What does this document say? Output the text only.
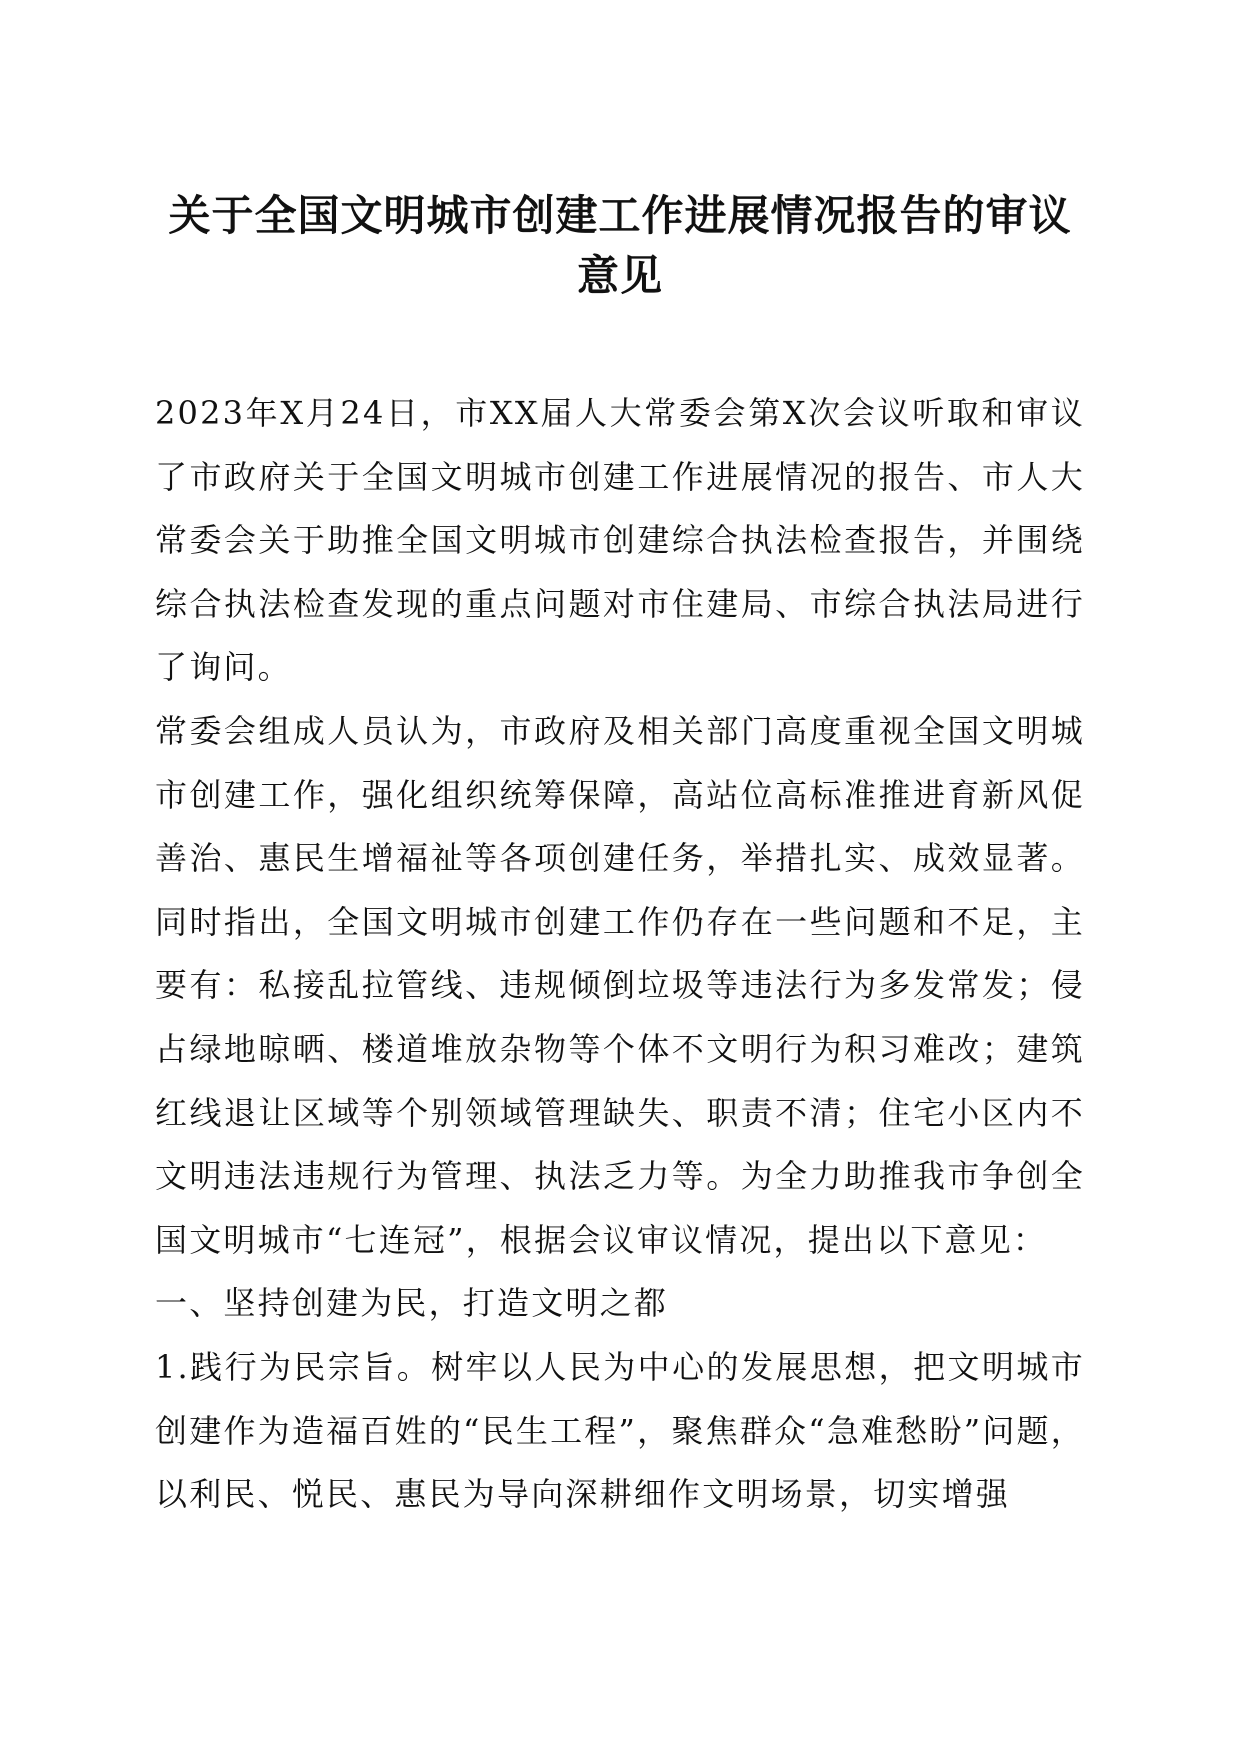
关于全国文明城市创建工作进展情况报告的审议意见

2023年X月24日，市XX届人大常委会第X次会议听取和审议了市政府关于全国文明城市创建工作进展情况的报告、市人大常委会关于助推全国文明城市创建综合执法检查报告，并围绕综合执法检查发现的重点问题对市住建局、市综合执法局进行了询问。

常委会组成人员认为，市政府及相关部门高度重视全国文明城市创建工作，强化组织统筹保障，高站位高标准推进育新风促善治、惠民生增福祉等各项创建任务，举措扎实、成效显著。同时指出，全国文明城市创建工作仍存在一些问题和不足，主要有：私接乱拉管线、违规倾倒垃圾等违法行为多发常发；侵占绿地晾晒、楼道堆放杂物等个体不文明行为积习难改；建筑红线退让区域等个别领域管理缺失、职责不清；住宅小区内不文明违法违规行为管理、执法乏力等。为全力助推我市争创全国文明城市“七连冠”，根据会议审议情况，提出以下意见：

一、坚持创建为民，打造文明之都

1.践行为民宗旨。树牢以人民为中心的发展思想，把文明城市创建作为造福百姓的“民生工程”，聚焦群众“急难愁盼”问题，以利民、悦民、惠民为导向深耕细作文明场景，切实增强
